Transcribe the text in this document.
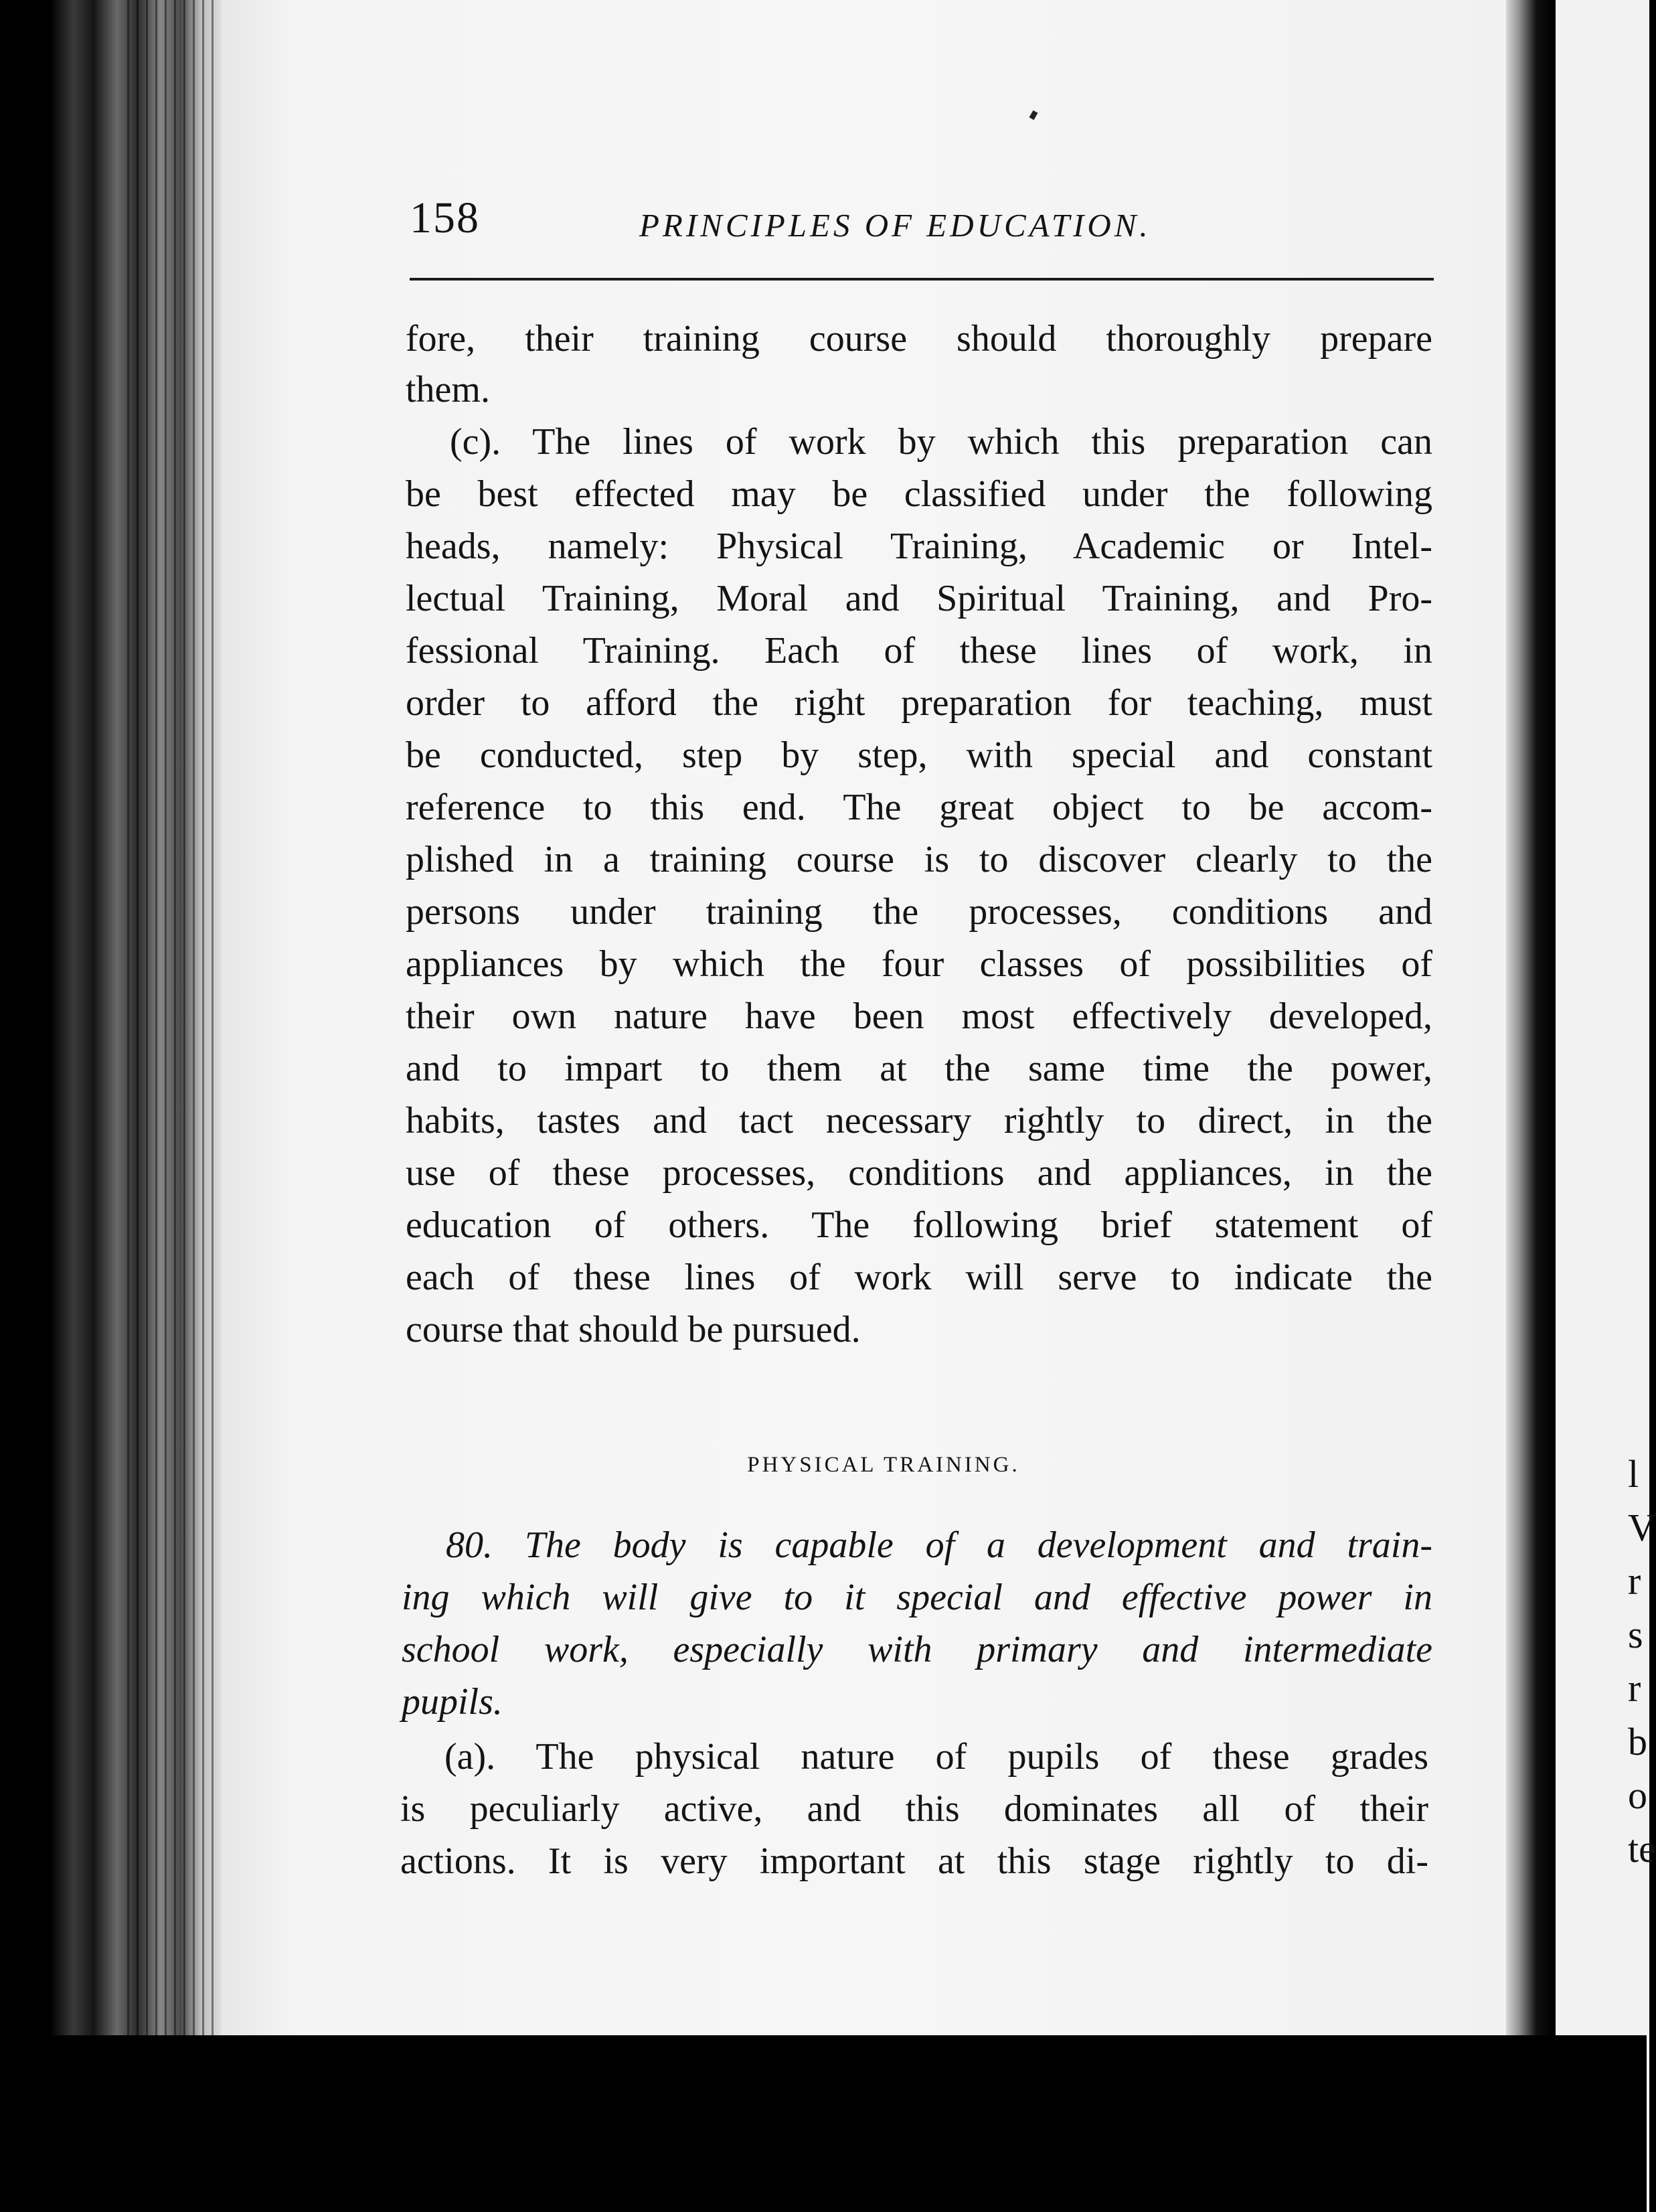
l
V
r
s
r
b
o
te
158	PRINCIPLES OF EDUCATION.
fore, their training course should thoroughly prepare
them.
(c). The lines of work by which this preparation can
be best effected may be classified under the following
heads, namely: Physical Training, Academic or Intel-
lectual Training, Moral and Spiritual Training, and Pro-
fessional Training. Each of these lines of work, in
order to afford the right preparation for teaching, must
be conducted, step by step, with special and constant
reference to this end. The great object to be accom-
plished in a training course is to discover clearly to the
persons under training the processes, conditions and
appliances by which the four classes of possibilities of
their own nature have been most effectively developed,
and to impart to them at the same time the power,
habits, tastes and tact necessary rightly to direct, in the
use of these processes, conditions and appliances, in the
education of others. The following brief statement of
each of these lines of work will serve to indicate the
course that should be pursued.
PHYSICAL TRAINING.
80. The body is capable of a development and train-
ing which will give to it special and effective power in
school work, especially with primary and intermediate
pupils.
(a). The physical nature of pupils of these grades
is peculiarly active, and this dominates all of their
actions. It is very important at this stage rightly to di-
